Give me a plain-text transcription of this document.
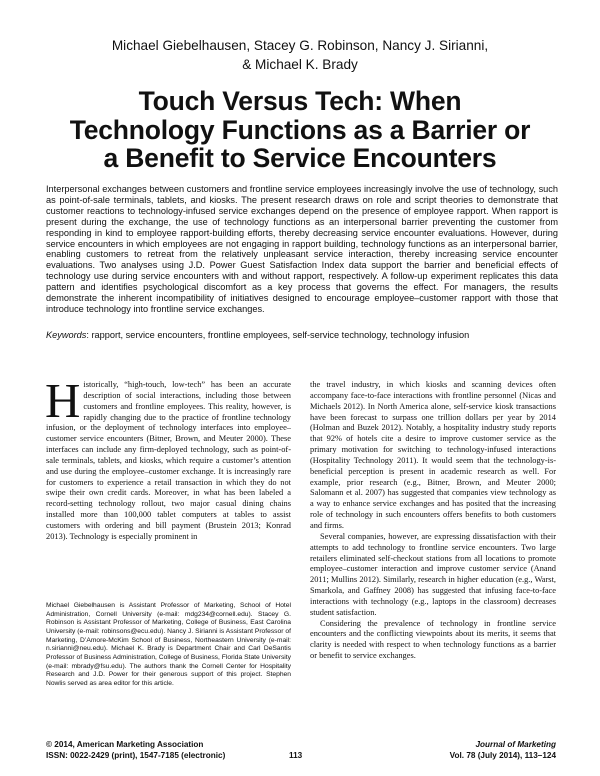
Michael Giebelhausen, Stacey G. Robinson, Nancy J. Sirianni,
& Michael K. Brady
Touch Versus Tech: When
Technology Functions as a Barrier or
a Benefit to Service Encounters

Interpersonal exchanges between customers and frontline service employees increasingly involve the use of technology, such as point-of-sale terminals, tablets, and kiosks. The present research draws on role and script theories to demonstrate that customer reactions to technology-infused service exchanges depend on the presence of employee rapport. When rapport is present during the exchange, the use of technology functions as an interpersonal barrier preventing the customer from responding in kind to employee rapport-building efforts, thereby decreasing service encounter evaluations. However, during service encounters in which employees are not engaging in rapport building, technology functions as an interpersonal barrier, enabling customers to retreat from the relatively unpleasant service interaction, thereby increasing service encounter evaluations. Two analyses using J.D. Power Guest Satisfaction Index data support the barrier and beneficial effects of technology use during service encounters with and without rapport, respectively. A follow-up experiment replicates this data pattern and identifies psychological discomfort as a key process that governs the effect. For managers, the results demonstrate the inherent incompatibility of initiatives designed to encourage employee–customer rapport with those that introduce technology into frontline service exchanges.

Keywords: rapport, service encounters, frontline employees, self-service technology, technology infusion

Historically, “high-touch, low-tech” has been an accurate description of social interactions, including those between customers and frontline employees. This reality, however, is rapidly changing due to the practice of frontline technology infusion, or the deployment of technology interfaces into employee–customer service encounters (Bitner, Brown, and Meuter 2000). These interfaces can include any firm-deployed technology, such as point-of-sale terminals, tablets, and kiosks, which require a customer’s attention and use during the employee–customer exchange. It is increasingly rare for customers to experience a retail transaction in which they do not swipe their own credit cards. Moreover, in what has been labeled a record-setting technology rollout, two major casual dining chains installed more than 100,000 tablet computers at tables to assist customers with ordering and bill payment (Brustein 2013; Konrad 2013). Technology is especially prominent in

Michael Giebelhausen is Assistant Professor of Marketing, School of Hotel Administration, Cornell University (e-mail: mdg234@cornell.edu). Stacey G. Robinson is Assistant Professor of Marketing, College of Business, East Carolina University (e-mail: robinsons@ecu.edu). Nancy J. Sirianni is Assistant Professor of Marketing, D’Amore-McKim School of Business, Northeastern University (e-mail: n.sirianni@neu.edu). Michael K. Brady is Department Chair and Carl DeSantis Professor of Business Administration, College of Business, Florida State University (e-mail: mbrady@fsu.edu). The authors thank the Cornell Center for Hospitality Research and J.D. Power for their generous support of this project. Stephen Nowlis served as area editor for this article.

the travel industry, in which kiosks and scanning devices often accompany face-to-face interactions with frontline personnel (Nicas and Michaels 2012). In North America alone, self-service kiosk transactions have been forecast to surpass one trillion dollars per year by 2014 (Holman and Buzek 2012). Notably, a hospitality industry study reports that 92% of hotels cite a desire to improve customer service as the primary motivation for switching to technology-infused interactions (Hospitality Technology 2011). It would seem that the technology-is-beneficial perception is present in academic research as well. For example, prior research (e.g., Bitner, Brown, and Meuter 2000; Salomann et al. 2007) has suggested that companies view technology as a way to enhance service exchanges and has posited that the increasing role of technology in such encounters offers benefits to both customers and firms.

Several companies, however, are expressing dissatisfaction with their attempts to add technology to frontline service encounters. Two large retailers eliminated self-checkout stations from all locations to promote employee–customer interaction and improve customer service (Anand 2011; Mullins 2012). Similarly, research in higher education (e.g., Warst, Smarkola, and Gaffney 2008) has suggested that infusing face-to-face interactions with technology (e.g., laptops in the classroom) decreases student satisfaction.

Considering the prevalence of technology in frontline service encounters and the conflicting viewpoints about its merits, it seems that clarity is needed with respect to when technology functions as a barrier or benefit to service exchanges.

© 2014, American Marketing Association
ISSN: 0022-2429 (print), 1547-7185 (electronic)	113
Journal of Marketing
Vol. 78 (July 2014), 113–124
